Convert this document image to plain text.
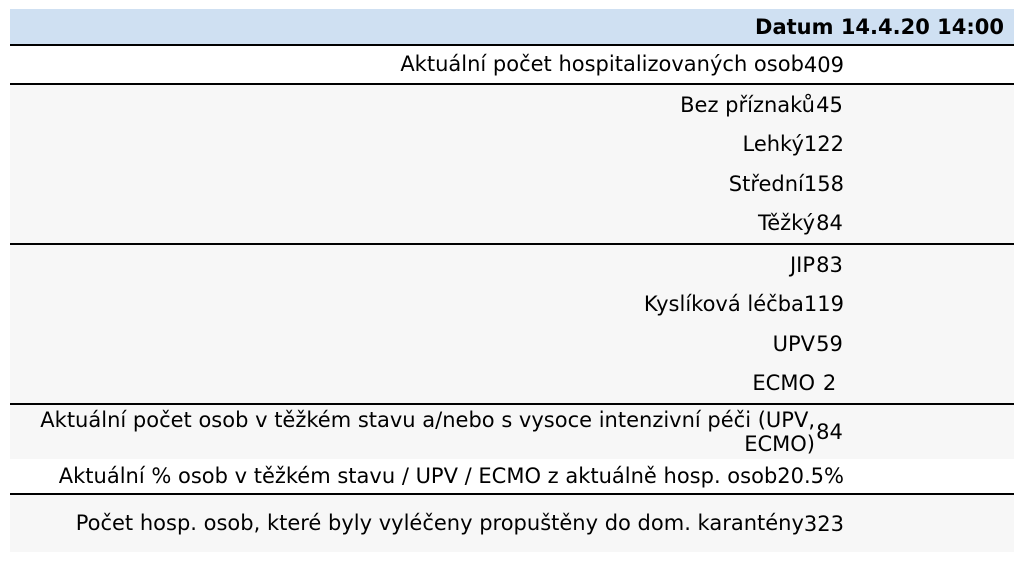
Datum 14.4.20 14:00
Aktuální počet hospitalizovaných osob 409
Bez příznaků 45
Lehký 122
Střední 158
Těžký 84
JIP 83
Kyslíková léčba 119
UPV 59
ECMO 2
Aktuální počet osob v těžkém stavu a/nebo s vysoce intenzivní péči (UPV, ECMO) 84
Aktuální % osob v těžkém stavu / UPV / ECMO z aktuálně hosp. osob 20.5%
Počet hosp. osob, které byly vyléčeny propuštěny do dom. karantény 323
